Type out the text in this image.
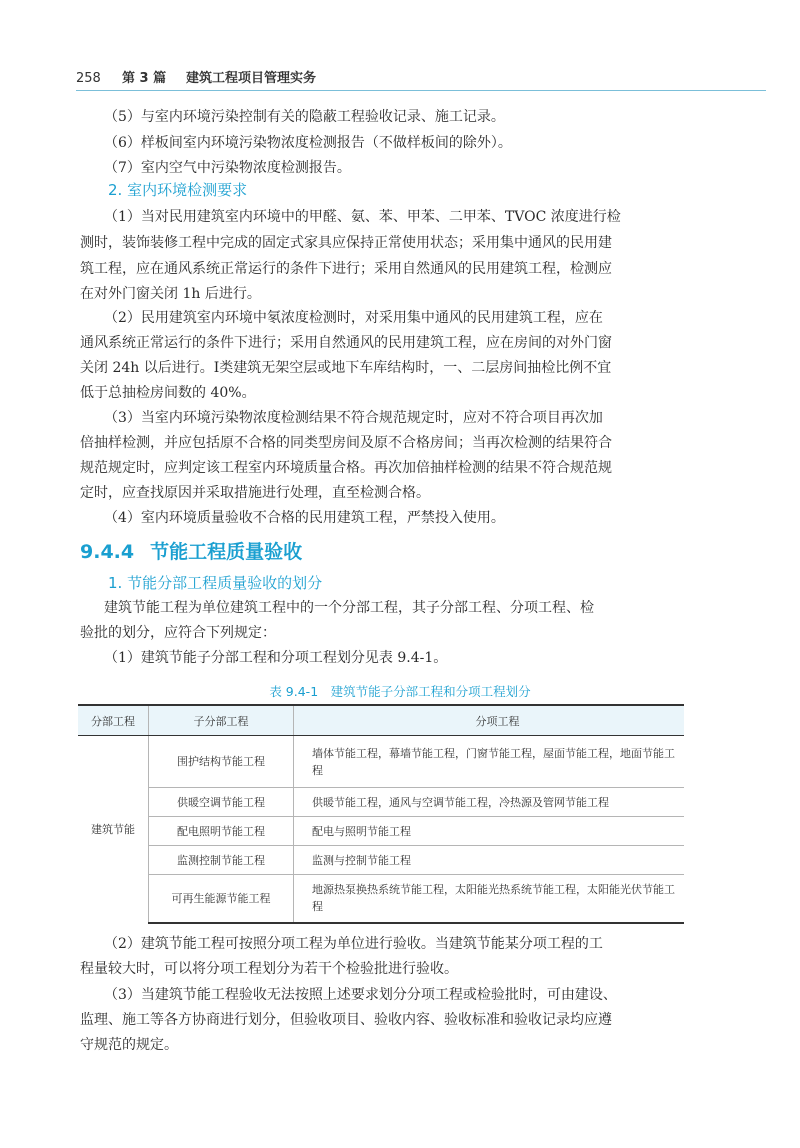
258 第 3 篇 建筑工程项目管理实务
（5）与室内环境污染控制有关的隐蔽工程验收记录、施工记录。
（6）样板间室内环境污染物浓度检测报告（不做样板间的除外）。
（7）室内空气中污染物浓度检测报告。
2. 室内环境检测要求
（1）当对民用建筑室内环境中的甲醛、氨、苯、甲苯、二甲苯、TVOC 浓度进行检
测时，装饰装修工程中完成的固定式家具应保持正常使用状态；采用集中通风的民用建
筑工程，应在通风系统正常运行的条件下进行；采用自然通风的民用建筑工程，检测应
在对外门窗关闭 1h 后进行。
（2）民用建筑室内环境中氡浓度检测时，对采用集中通风的民用建筑工程，应在
通风系统正常运行的条件下进行；采用自然通风的民用建筑工程，应在房间的对外门窗
关闭 24h 以后进行。Ⅰ类建筑无架空层或地下车库结构时，一、二层房间抽检比例不宜
低于总抽检房间数的 40%。
（3）当室内环境污染物浓度检测结果不符合规范规定时，应对不符合项目再次加
倍抽样检测，并应包括原不合格的同类型房间及原不合格房间；当再次检测的结果符合
规范规定时，应判定该工程室内环境质量合格。再次加倍抽样检测的结果不符合规范规
定时，应查找原因并采取措施进行处理，直至检测合格。
（4）室内环境质量验收不合格的民用建筑工程，严禁投入使用。
9.4.4 节能工程质量验收
1. 节能分部工程质量验收的划分
建筑节能工程为单位建筑工程中的一个分部工程，其子分部工程、分项工程、检
验批的划分，应符合下列规定：
（1）建筑节能子分部工程和分项工程划分见表 9.4-1。
表 9.4-1　建筑节能子分部工程和分项工程划分
分部工程	子分部工程	分项工程
建筑节能	围护结构节能工程	墙体节能工程，幕墙节能工程，门窗节能工程，屋面节能工程，地面节能工程
	供暖空调节能工程	供暖节能工程，通风与空调节能工程，冷热源及管网节能工程
	配电照明节能工程	配电与照明节能工程
	监测控制节能工程	监测与控制节能工程
	可再生能源节能工程	地源热泵换热系统节能工程，太阳能光热系统节能工程，太阳能光伏节能工程
（2）建筑节能工程可按照分项工程为单位进行验收。当建筑节能某分项工程的工
程量较大时，可以将分项工程划分为若干个检验批进行验收。
（3）当建筑节能工程验收无法按照上述要求划分分项工程或检验批时，可由建设、
监理、施工等各方协商进行划分，但验收项目、验收内容、验收标准和验收记录均应遵
守规范的规定。
